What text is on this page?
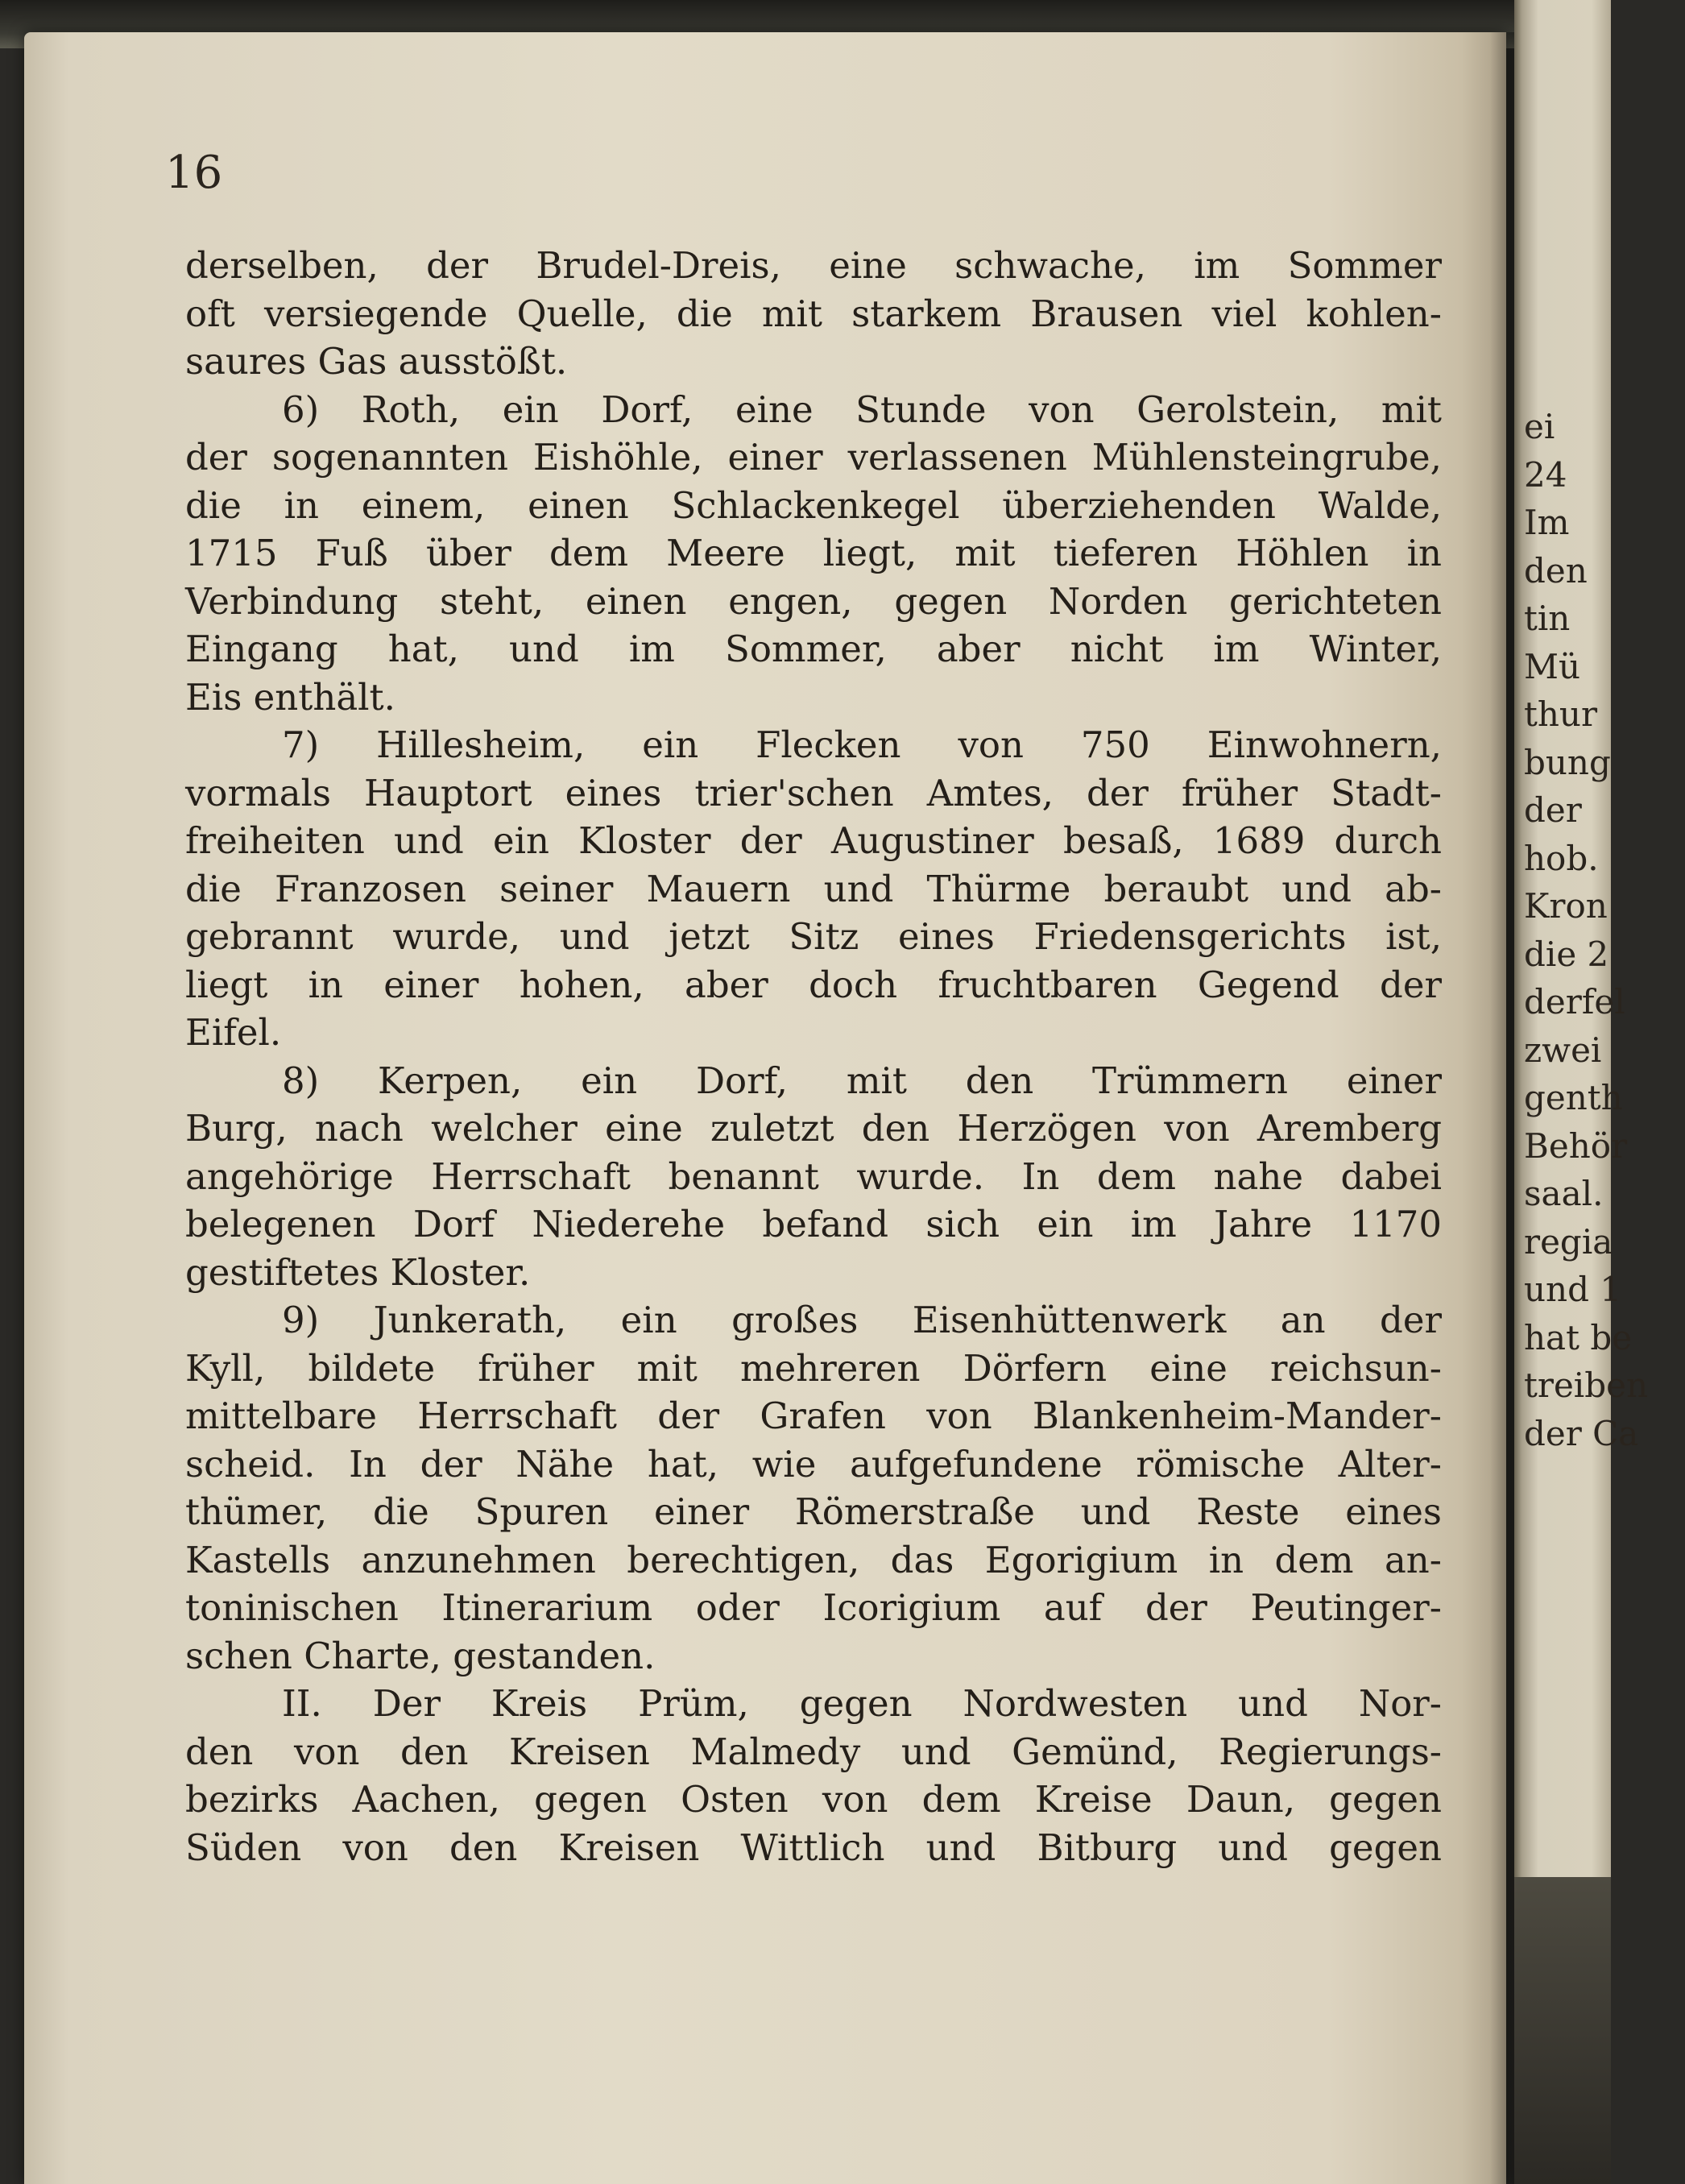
16
derselben, der Brudel-Dreis, eine schwache, im Sommer
oft versiegende Quelle, die mit starkem Brausen viel kohlen-
saures Gas ausstößt.
6) Roth, ein Dorf, eine Stunde von Gerolstein, mit
der sogenannten Eishöhle, einer verlassenen Mühlensteingrube,
die in einem, einen Schlackenkegel überziehenden Walde,
1715 Fuß über dem Meere liegt, mit tieferen Höhlen in
Verbindung steht, einen engen, gegen Norden gerichteten
Eingang hat, und im Sommer, aber nicht im Winter,
Eis enthält.
7) Hillesheim, ein Flecken von 750 Einwohnern,
vormals Hauptort eines trier'schen Amtes, der früher Stadt-
freiheiten und ein Kloster der Augustiner besaß, 1689 durch
die Franzosen seiner Mauern und Thürme beraubt und ab-
gebrannt wurde, und jetzt Sitz eines Friedensgerichts ist,
liegt in einer hohen, aber doch fruchtbaren Gegend der
Eifel.
8) Kerpen, ein Dorf, mit den Trümmern einer
Burg, nach welcher eine zuletzt den Herzögen von Aremberg
angehörige Herrschaft benannt wurde. In dem nahe dabei
belegenen Dorf Niederehe befand sich ein im Jahre 1170
gestiftetes Kloster.
9) Junkerath, ein großes Eisenhüttenwerk an der
Kyll, bildete früher mit mehreren Dörfern eine reichsun-
mittelbare Herrschaft der Grafen von Blankenheim-Mander-
scheid. In der Nähe hat, wie aufgefundene römische Alter-
thümer, die Spuren einer Römerstraße und Reste eines
Kastells anzunehmen berechtigen, das Egorigium in dem an-
toninischen Itinerarium oder Icorigium auf der Peutinger-
schen Charte, gestanden.
II. Der Kreis Prüm, gegen Nordwesten und Nor-
den von den Kreisen Malmedy und Gemünd, Regierungs-
bezirks Aachen, gegen Osten von dem Kreise Daun, gegen
Süden von den Kreisen Wittlich und Bitburg und gegen
ei
24
Im
den
tin
Mü
thur
bung
der
hob.
Kron
die 2
derfel
zwei
genth
Behör
saal.
regia
und 1
hat be
treiben
der Ca
